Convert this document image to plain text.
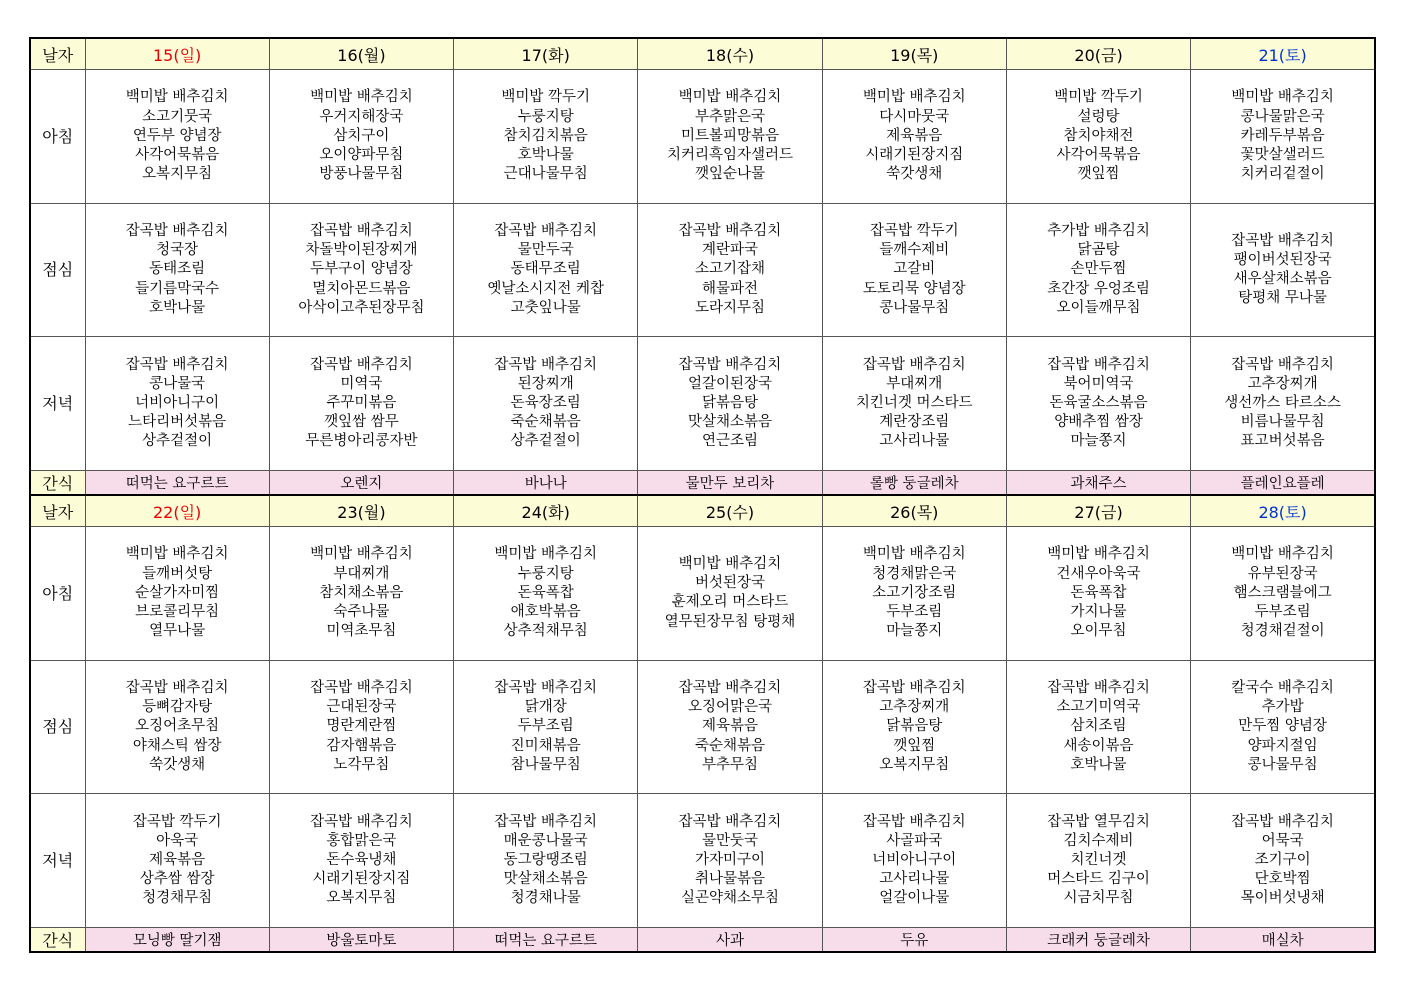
날자	15(일)	16(월)	17(화)	18(수)	19(목)	20(금)	21(토)
아침	백미밥 배추김치
소고기뭇국
연두부 양념장
사각어묵볶음
오복지무침	백미밥 배추김치
우거지해장국
삼치구이
오이양파무침
방풍나물무침	백미밥 깍두기
누룽지탕
참치김치볶음
호박나물
근대나물무침	백미밥 배추김치
부추맑은국
미트볼피망볶음
치커리흑임자샐러드
깻잎순나물	백미밥 배추김치
다시마뭇국
제육볶음
시래기된장지짐
쑥갓생채	백미밥 깍두기
설렁탕
참치야채전
사각어묵볶음
깻잎찜	백미밥 배추김치
콩나물맑은국
카레두부볶음
꽃맛살샐러드
치커리겉절이

점심	잡곡밥 배추김치
청국장
동태조림
들기름막국수
호박나물	잡곡밥 배추김치
차돌박이된장찌개
두부구이 양념장
멸치아몬드볶음
아삭이고추된장무침	잡곡밥 배추김치
물만두국
동태무조림
옛날소시지전 케찹
고춧잎나물	잡곡밥 배추김치
계란파국
소고기잡채
해물파전
도라지무침	잡곡밥 깍두기
들깨수제비
고갈비
도토리묵 양념장
콩나물무침	추가밥 배추김치
닭곰탕
손만두찜
초간장 우엉조림
오이들깨무침	잡곡밥 배추김치
팽이버섯된장국
새우살채소볶음
탕평채 무나물

저녁	잡곡밥 배추김치
콩나물국
너비아니구이
느타리버섯볶음
상추겉절이	잡곡밥 배추김치
미역국
주꾸미볶음
깻잎쌈 쌈무
무른병아리콩자반	잡곡밥 배추김치
된장찌개
돈육장조림
죽순채볶음
상추겉절이	잡곡밥 배추김치
얼갈이된장국
닭볶음탕
맛살채소볶음
연근조림	잡곡밥 배추김치
부대찌개
치킨너겟 머스타드
계란장조림
고사리나물	잡곡밥 배추김치
북어미역국
돈육굴소스볶음
양배추찜 쌈장
마늘쫑지	잡곡밥 배추김치
고추장찌개
생선까스 타르소스
비름나물무침
표고버섯볶음

간식	떠먹는 요구르트	오렌지	바나나	물만두 보리차	롤빵 둥글레차	과채주스	플레인요플레
날자	22(일)	23(월)	24(화)	25(수)	26(목)	27(금)	28(토)
아침	백미밥 배추김치
들깨버섯탕
순살가자미찜
브로콜리무침
열무나물	백미밥 배추김치
부대찌개
참치채소볶음
숙주나물
미역초무침	백미밥 배추김치
누룽지탕
돈육폭찹
애호박볶음
상추적채무침	백미밥 배추김치
버섯된장국
훈제오리 머스타드
열무된장무침 탕평채	백미밥 배추김치
청경채맑은국
소고기장조림
두부조림
마늘쫑지	백미밥 배추김치
건새우아욱국
돈육폭찹
가지나물
오이무침	백미밥 배추김치
유부된장국
햄스크램블에그
두부조림
청경채겉절이

점심	잡곡밥 배추김치
등뼈감자탕
오징어초무침
야채스틱 쌈장
쑥갓생채	잡곡밥 배추김치
근대된장국
명란계란찜
감자햄볶음
노각무침	잡곡밥 배추김치
닭개장
두부조림
진미채볶음
참나물무침	잡곡밥 배추김치
오징어맑은국
제육볶음
죽순채볶음
부추무침	잡곡밥 배추김치
고추장찌개
닭볶음탕
깻잎찜
오복지무침	잡곡밥 배추김치
소고기미역국
삼치조림
새송이볶음
호박나물	칼국수 배추김치
추가밥
만두찜 양념장
양파지절임
콩나물무침

저녁	잡곡밥 깍두기
아욱국
제육볶음
상추쌈 쌈장
청경채무침	잡곡밥 배추김치
홍합맑은국
돈수육냉채
시래기된장지짐
오복지무침	잡곡밥 배추김치
매운콩나물국
동그랑땡조림
맛살채소볶음
청경채나물	잡곡밥 배추김치
물만둣국
가자미구이
취나물볶음
실곤약채소무침	잡곡밥 배추김치
사골파국
너비아니구이
고사리나물
얼갈이나물	잡곡밥 열무김치
김치수제비
치킨너겟
머스타드 김구이
시금치무침	잡곡밥 배추김치
어묵국
조기구이
단호박찜
목이버섯냉채

간식	모닝빵 딸기잼	방울토마토	떠먹는 요구르트	사과	두유	크래커 둥글레차	매실차
